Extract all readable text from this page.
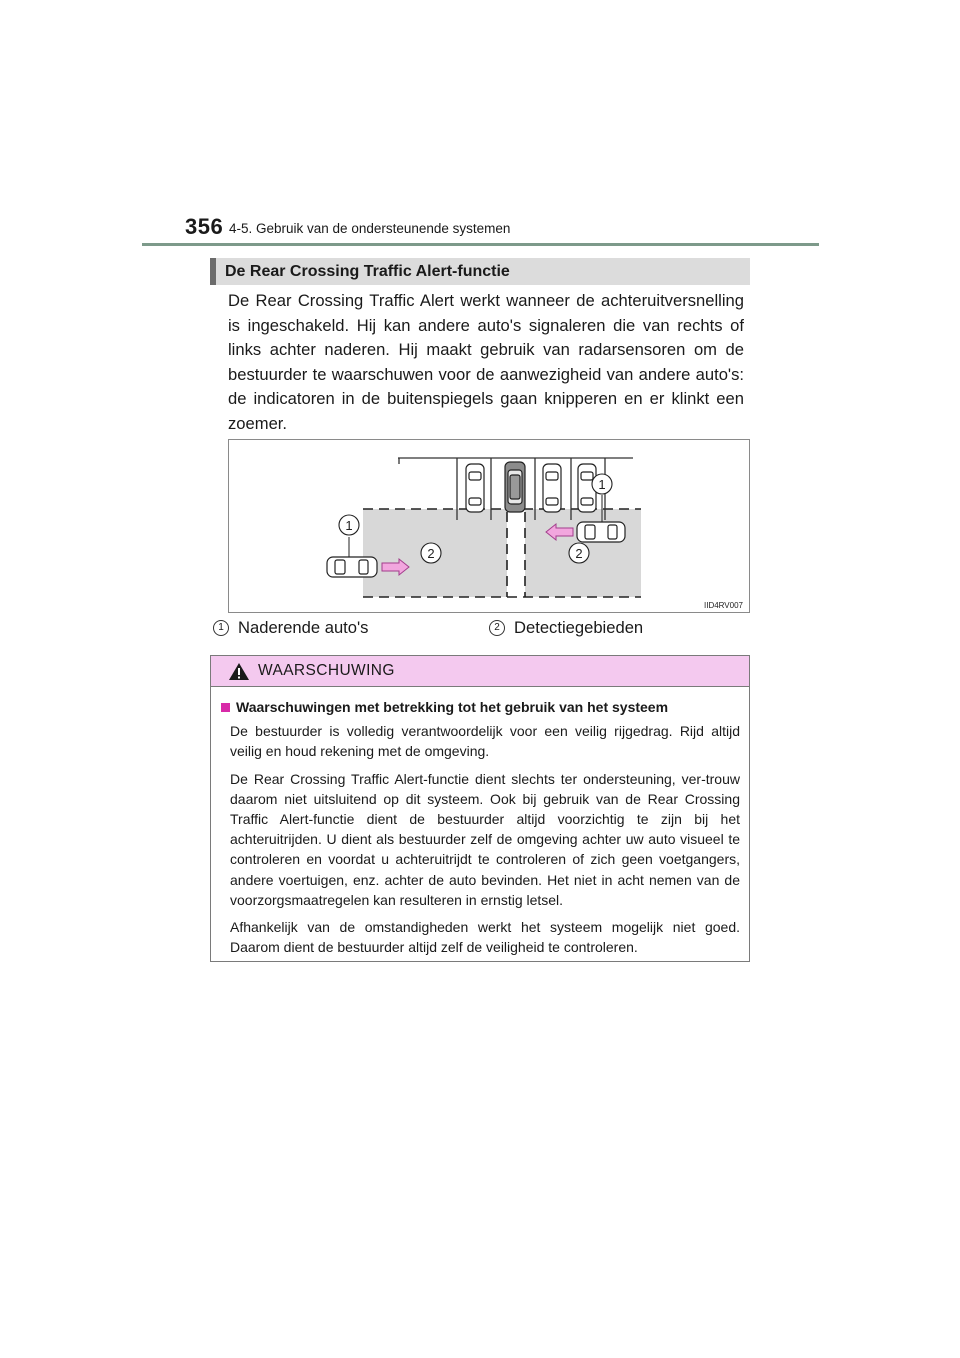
356 4-5. Gebruik van de ondersteunende systemen
De Rear Crossing Traffic Alert-functie

De Rear Crossing Traffic Alert werkt wanneer de achteruitversnelling is ingeschakeld. Hij kan andere auto's signaleren die van rechts of links achter naderen. Hij maakt gebruik van radarsensoren om de bestuurder te waarschuwen voor de aanwezigheid van andere auto's: de indicatoren in de buitenspiegels gaan knipperen en er klinkt een zoemer.

1
1
2	2
IID4RV007
1 Naderende auto's	2 Detectiegebieden
WAARSCHUWING
Waarschuwingen met betrekking tot het gebruik van het systeem

De bestuurder is volledig verantwoordelijk voor een veilig rijgedrag. Rijd altijd veilig en houd rekening met de omgeving.

De Rear Crossing Traffic Alert-functie dient slechts ter ondersteuning, ver-trouw daarom niet uitsluitend op dit systeem. Ook bij gebruik van de Rear Crossing Traffic Alert-functie dient de bestuurder altijd voorzichtig te zijn bij het achteruitrijden. U dient als bestuurder zelf de omgeving achter uw auto visueel te controleren en voordat u achteruitrijdt te controleren of zich geen voetgangers, andere voertuigen, enz. achter de auto bevinden. Het niet in acht nemen van de voorzorgsmaatregelen kan resulteren in ernstig letsel.

Afhankelijk van de omstandigheden werkt het systeem mogelijk niet goed. Daarom dient de bestuurder altijd zelf de veiligheid te controleren.
